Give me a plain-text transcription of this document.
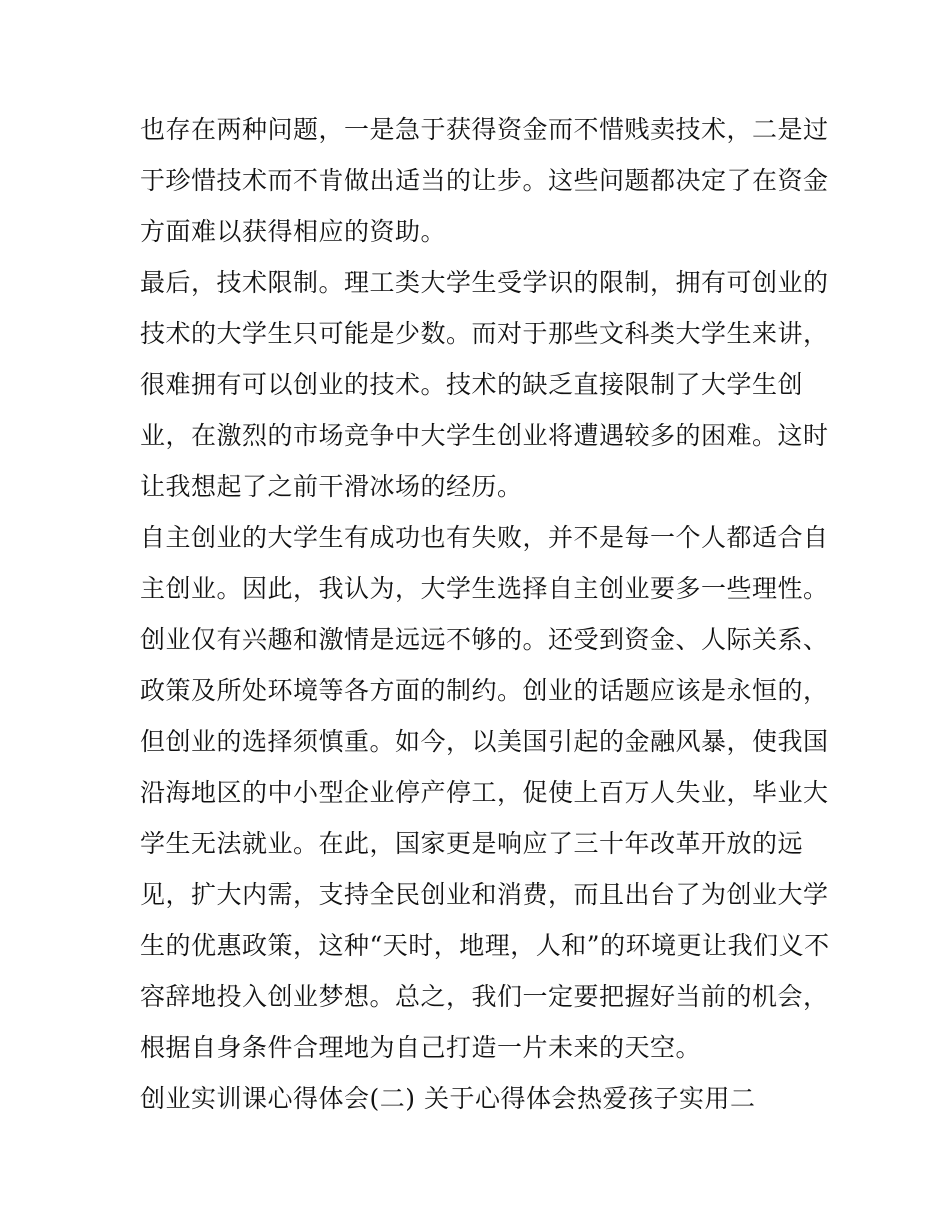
也存在两种问题，一是急于获得资金而不惜贱卖技术，二是过
于珍惜技术而不肯做出适当的让步。这些问题都决定了在资金
方面难以获得相应的资助。
最后，技术限制。理工类大学生受学识的限制，拥有可创业的
技术的大学生只可能是少数。而对于那些文科类大学生来讲，
很难拥有可以创业的技术。技术的缺乏直接限制了大学生创
业，在激烈的市场竞争中大学生创业将遭遇较多的困难。这时
让我想起了之前干滑冰场的经历。
自主创业的大学生有成功也有失败，并不是每一个人都适合自
主创业。因此，我认为，大学生选择自主创业要多一些理性。
创业仅有兴趣和激情是远远不够的。还受到资金、人际关系、
政策及所处环境等各方面的制约。创业的话题应该是永恒的，
但创业的选择须慎重。如今，以美国引起的金融风暴，使我国
沿海地区的中小型企业停产停工，促使上百万人失业，毕业大
学生无法就业。在此，国家更是响应了三十年改革开放的远
见，扩大内需，支持全民创业和消费，而且出台了为创业大学
生的优惠政策，这种“天时，地理，人和”的环境更让我们义不
容辞地投入创业梦想。总之，我们一定要把握好当前的机会，
根据自身条件合理地为自己打造一片未来的天空。
创业实训课心得体会(二) 关于心得体会热爱孩子实用二
